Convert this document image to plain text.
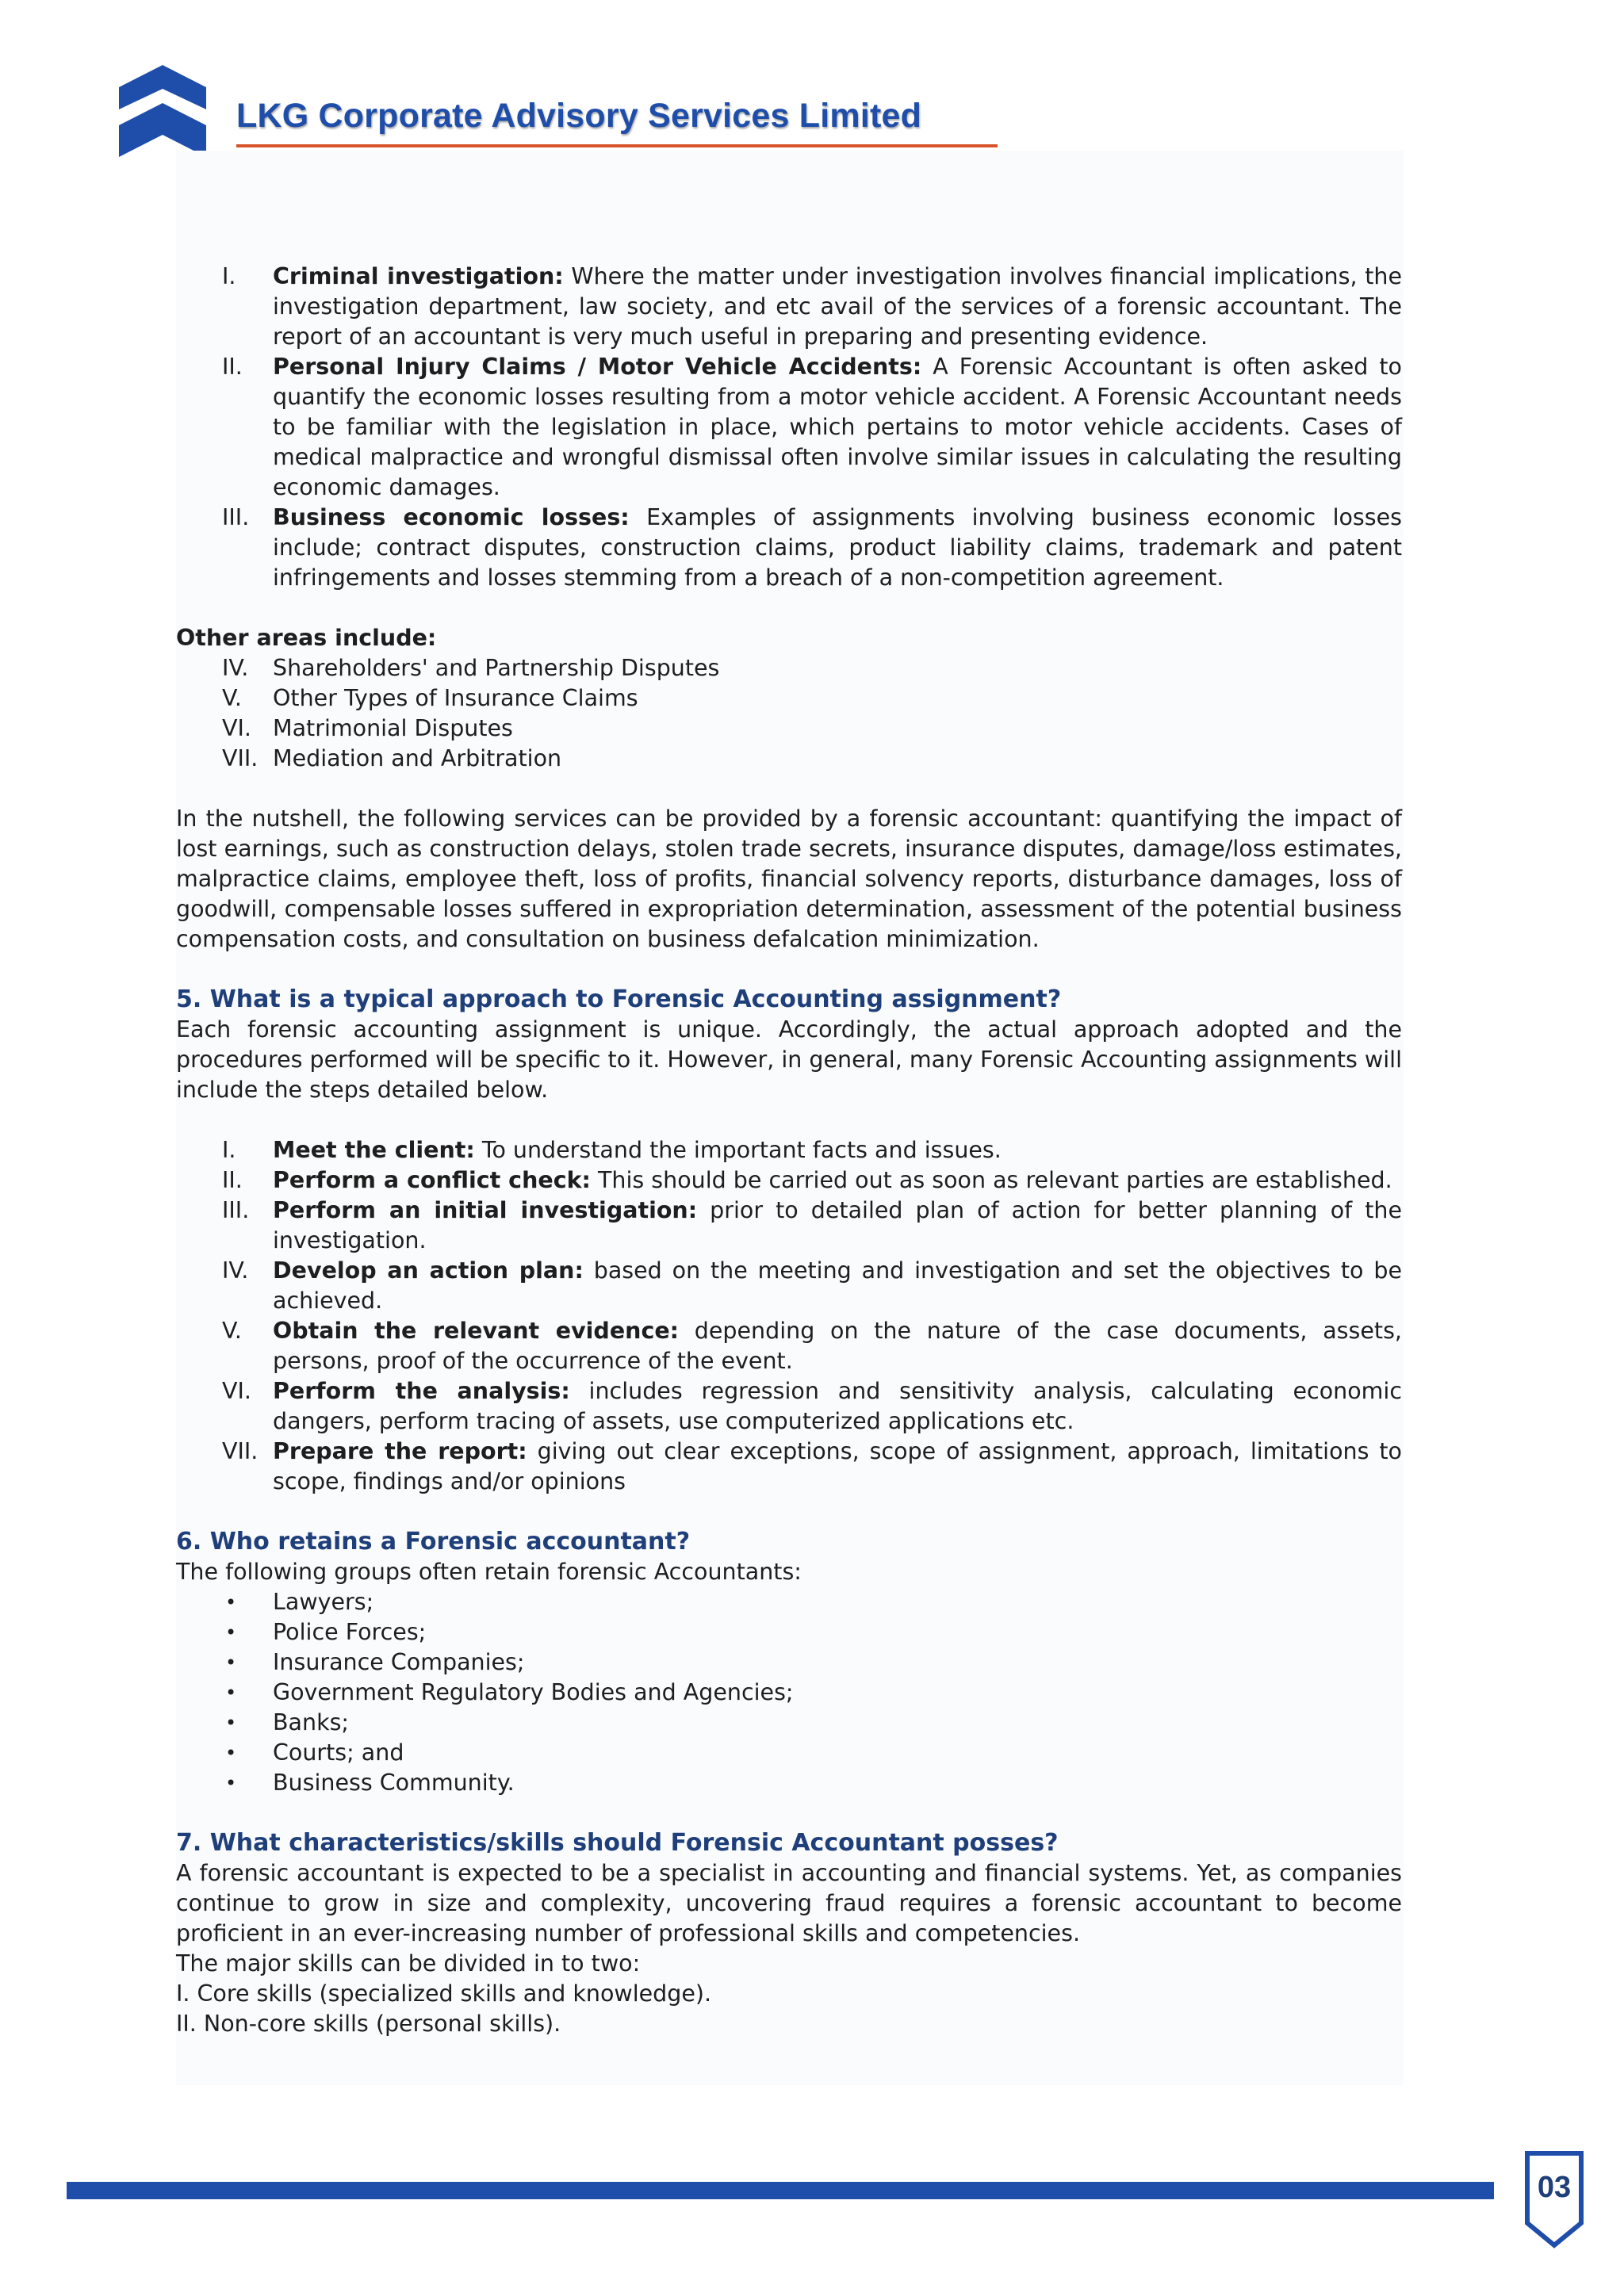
LKG Corporate Advisory Services Limited
I.	Criminal investigation: Where the matter under investigation involves financial implications, the investigation department, law society, and etc avail of the services of a forensic accountant. The report of an accountant is very much useful in preparing and presenting evidence.
II.	Personal Injury Claims / Motor Vehicle Accidents: A Forensic Accountant is often asked to quantify the economic losses resulting from a motor vehicle accident. A Forensic Accountant needs to be familiar with the legislation in place, which pertains to motor vehicle accidents. Cases of medical malpractice and wrongful dismissal often involve similar issues in calculating the resulting economic damages.
III.	Business economic losses: Examples of assignments involving business economic losses include; contract disputes, construction claims, product liability claims, trademark and patent infringements and losses stemming from a breach of a non-competition agreement.
Other areas include:
IV.	Shareholders' and Partnership Disputes
V.	Other Types of Insurance Claims
VI. Matrimonial Disputes
VII. Mediation and Arbitration

In the nutshell, the following services can be provided by a forensic accountant: quantifying the impact of lost earnings, such as construction delays, stolen trade secrets, insurance disputes, damage/loss estimates, malpractice claims, employee theft, loss of profits, financial solvency reports, disturbance damages, loss of goodwill, compensable losses suffered in expropriation determination, assessment of the potential business compensation costs, and consultation on business defalcation minimization.

5. What is a typical approach to Forensic Accounting assignment?

Each forensic accounting assignment is unique. Accordingly, the actual approach adopted and the procedures performed will be specific to it. However, in general, many Forensic Accounting assignments will include the steps detailed below.

I.	Meet the client: To understand the important facts and issues.
II.	Perform a conflict check: This should be carried out as soon as relevant parties are established.
III.	Perform an initial investigation: prior to detailed plan of action for better planning of the investigation.
IV.	Develop an action plan: based on the meeting and investigation and set the objectives to be achieved.
V.	Obtain the relevant evidence: depending on the nature of the case documents, assets, persons, proof of the occurrence of the event.
VI. Perform the analysis: includes regression and sensitivity analysis, calculating economic dangers, perform tracing of assets, use computerized applications etc.
VII. Prepare the report: giving out clear exceptions, scope of assignment, approach, limitations to scope, findings and/or opinions
6. Who retains a Forensic accountant?

The following groups often retain forensic Accountants:

•	Lawyers;
•	Police Forces;
•	Insurance Companies;
•	Government Regulatory Bodies and Agencies;
•	Banks;
•	Courts; and
•	Business Community.
7. What characteristics/skills should Forensic Accountant posses?

A forensic accountant is expected to be a specialist in accounting and financial systems. Yet, as companies continue to grow in size and complexity, uncovering fraud requires a forensic accountant to become proficient in an ever-increasing number of professional skills and competencies.

The major skills can be divided in to two:
I. Core skills (specialized skills and knowledge).
II. Non-core skills (personal skills).
03
